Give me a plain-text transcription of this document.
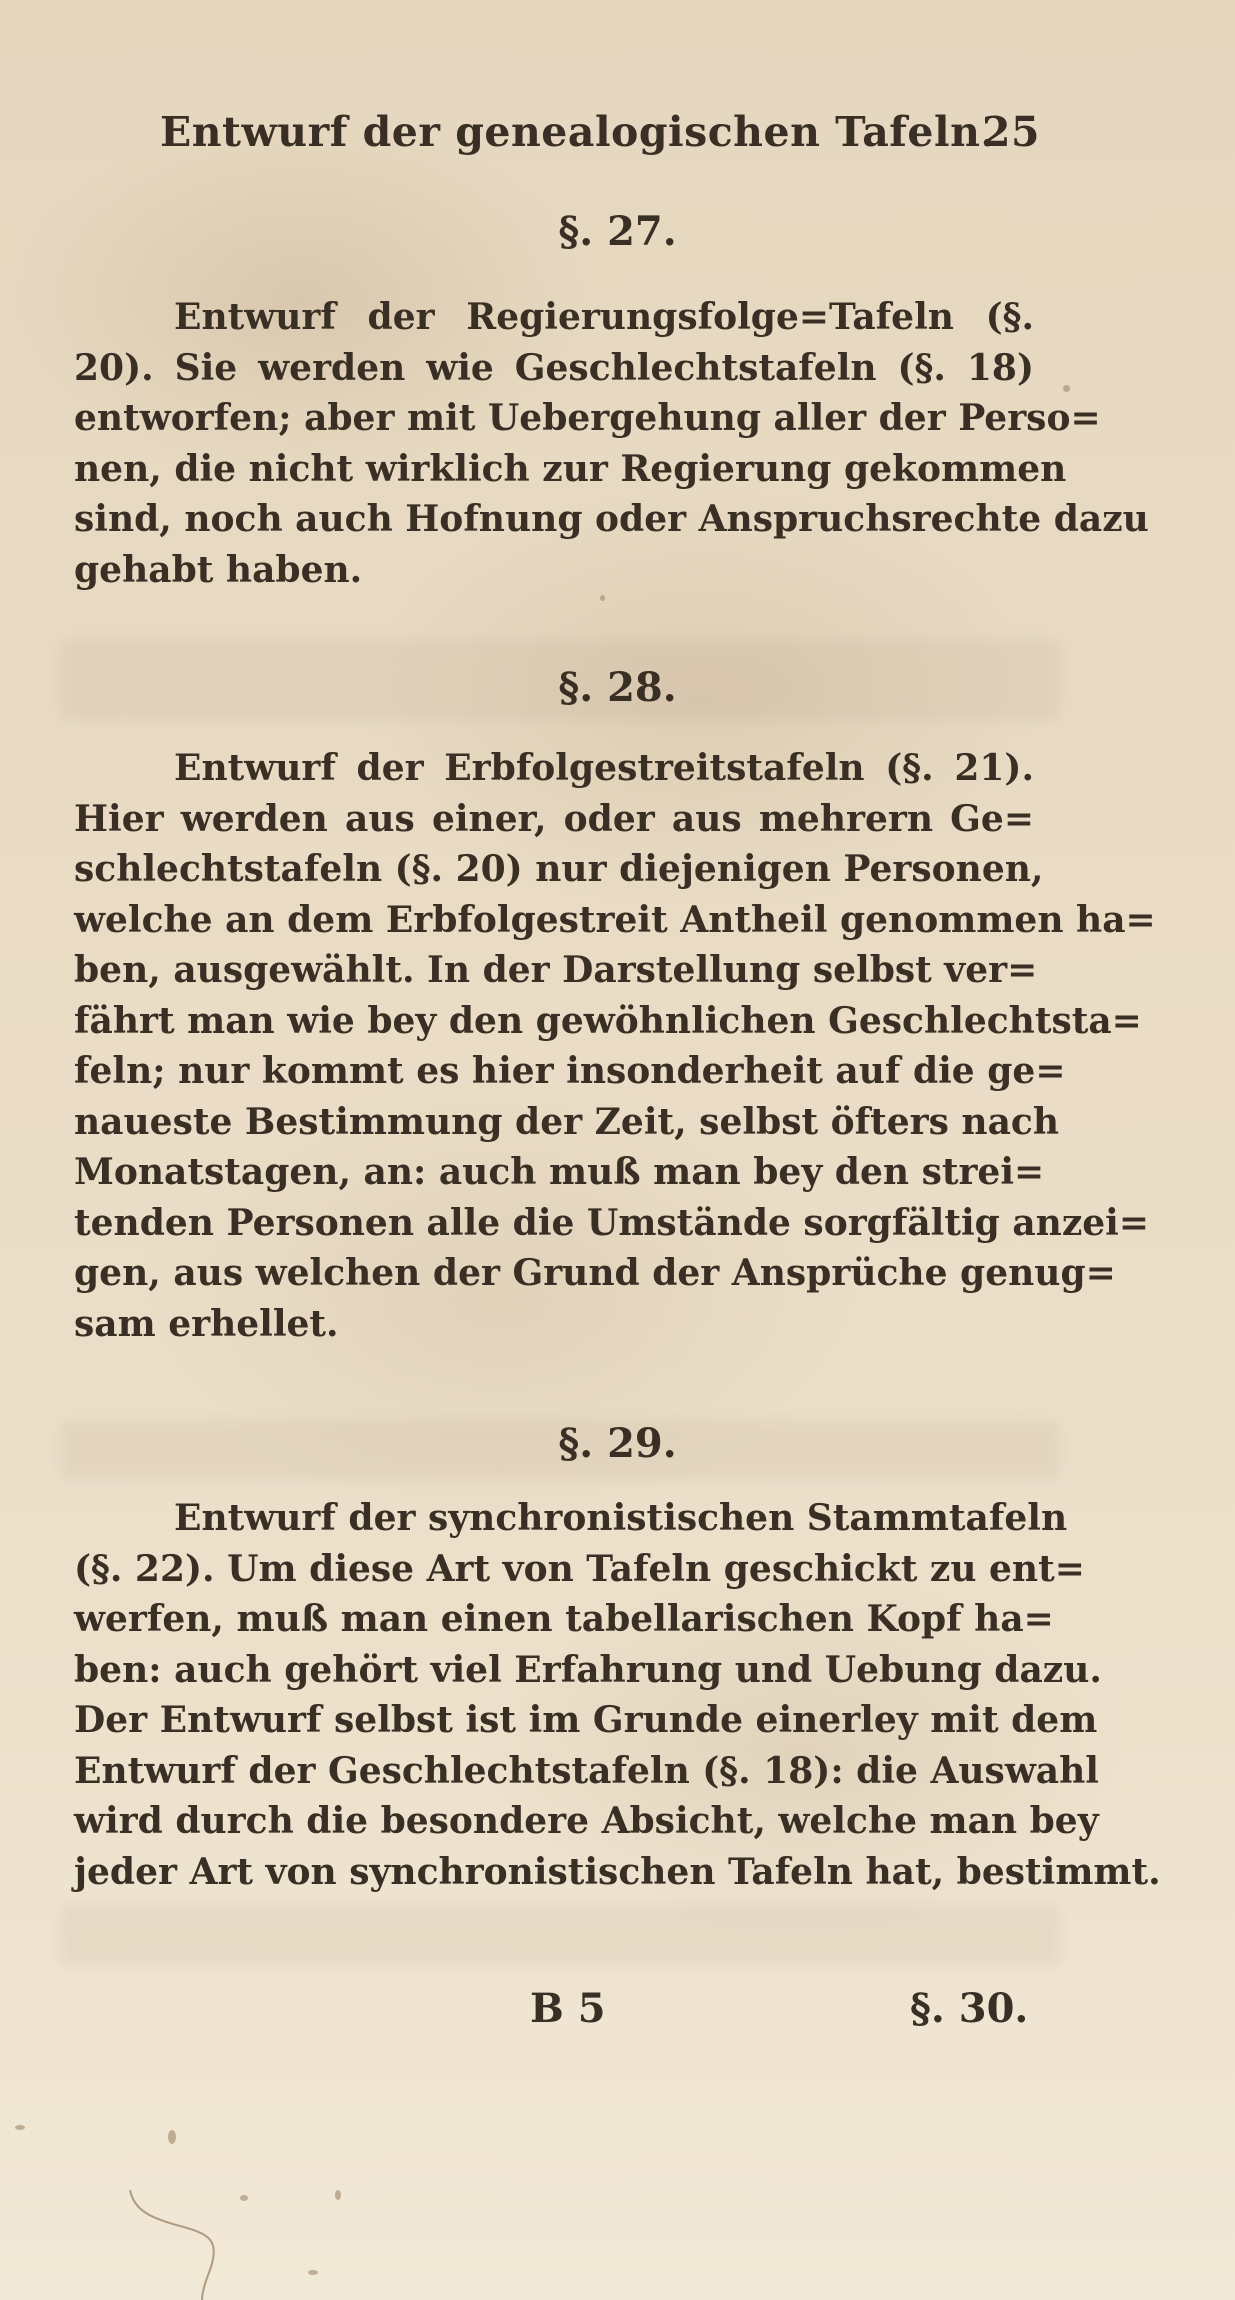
Entwurf der genealogischen Tafeln.
25
§. 27.
Entwurf der Regierungsfolge=Tafeln (§.
20). Sie werden wie Geschlechtstafeln (§. 18)
entworfen; aber mit Uebergehung aller der Perso=
nen, die nicht wirklich zur Regierung gekommen
sind, noch auch Hofnung oder Anspruchsrechte dazu
gehabt haben.
§. 28.
Entwurf der Erbfolgestreitstafeln (§. 21).
Hier werden aus einer, oder aus mehrern Ge=
schlechtstafeln (§. 20) nur diejenigen Personen,
welche an dem Erbfolgestreit Antheil genommen ha=
ben, ausgewählt. In der Darstellung selbst ver=
fährt man wie bey den gewöhnlichen Geschlechtsta=
feln; nur kommt es hier insonderheit auf die ge=
naueste Bestimmung der Zeit, selbst öfters nach
Monatstagen, an: auch muß man bey den strei=
tenden Personen alle die Umstände sorgfältig anzei=
gen, aus welchen der Grund der Ansprüche genug=
sam erhellet.
§. 29.
Entwurf der synchronistischen Stammtafeln
(§. 22). Um diese Art von Tafeln geschickt zu ent=
werfen, muß man einen tabellarischen Kopf ha=
ben: auch gehört viel Erfahrung und Uebung dazu.
Der Entwurf selbst ist im Grunde einerley mit dem
Entwurf der Geschlechtstafeln (§. 18): die Auswahl
wird durch die besondere Absicht, welche man bey
jeder Art von synchronistischen Tafeln hat, bestimmt.
B 5	§. 30.
